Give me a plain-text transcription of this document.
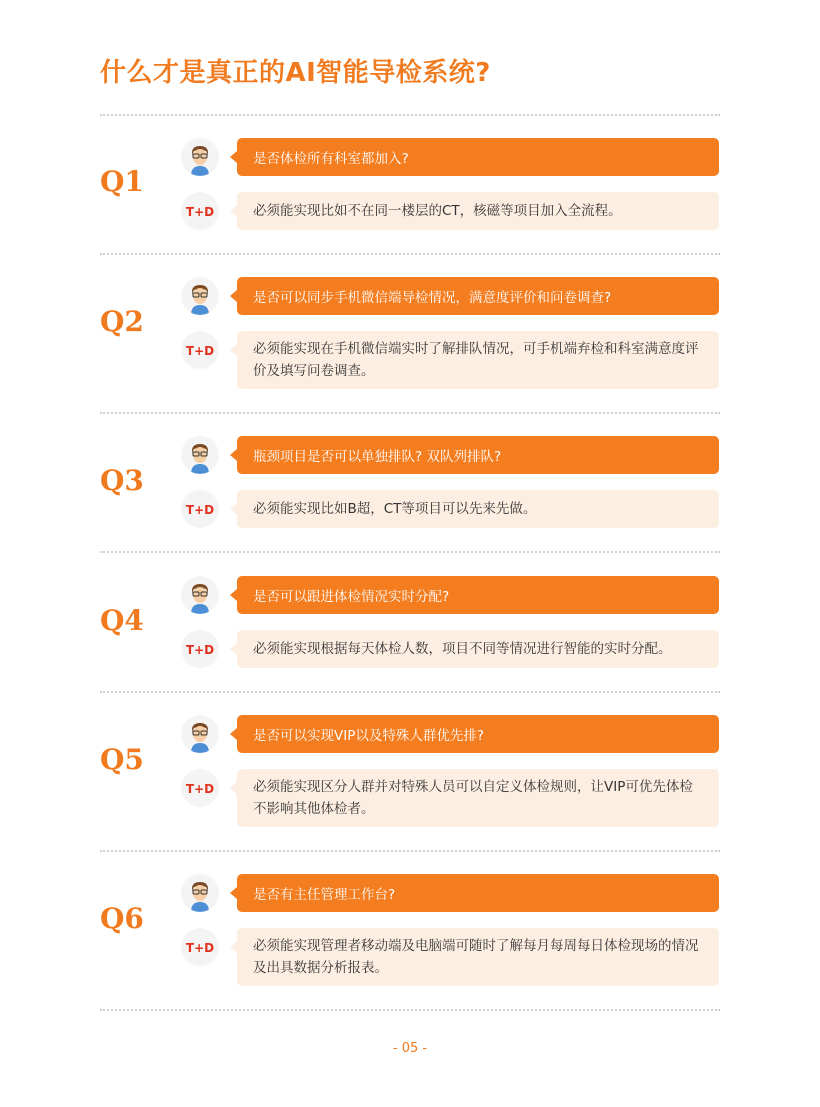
什么才是真正的AI智能导检系统?
Q1
是否体检所有科室都加入?
T+D	必须能实现比如不在同一楼层的CT，核磁等项目加入全流程。
Q2
是否可以同步手机微信端导检情况，满意度评价和问卷调查?
T+D	必须能实现在手机微信端实时了解排队情况，可手机端弃检和科室满意度评价及填写问卷调查。
Q3
瓶颈项目是否可以单独排队? 双队列排队?
T+D	必须能实现比如B超，CT等项目可以先来先做。
Q4
是否可以跟进体检情况实时分配?
T+D	必须能实现根据每天体检人数，项目不同等情况进行智能的实时分配。
Q5
是否可以实现VIP以及特殊人群优先排?
T+D	必须能实现区分人群并对特殊人员可以自定义体检规则，让VIP可优先体检不影响其他体检者。
Q6
是否有主任管理工作台?
T+D	必须能实现管理者移动端及电脑端可随时了解每月每周每日体检现场的情况及出具数据分析报表。
- 05 -
